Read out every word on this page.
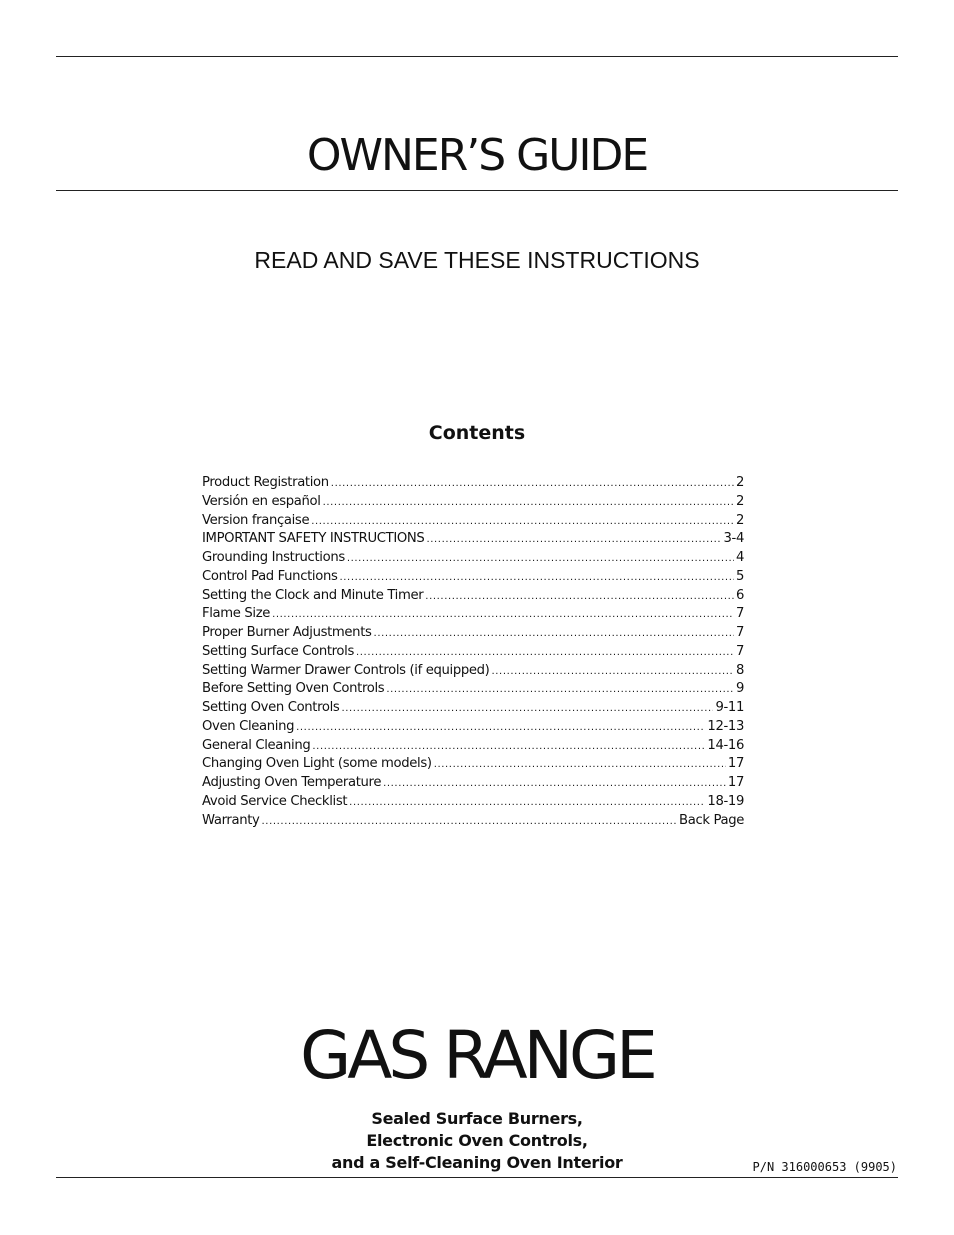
OWNER’S GUIDE
READ AND SAVE THESE INSTRUCTIONS
Contents
Product Registration .....	2
Versión en español .....	2
Version française .....	2
IMPORTANT SAFETY INSTRUCTIONS .....	3-4
Grounding Instructions .....	4
Control Pad Functions .....	5
Setting the Clock and Minute Timer .....	6
Flame Size .....	7
Proper Burner Adjustments .....	7
Setting Surface Controls .....	7
Setting Warmer Drawer Controls (if equipped) .....	8
Before Setting Oven Controls .....	9
Setting Oven Controls .....	9-11
Oven Cleaning .....	12-13
General Cleaning .....	14-16
Changing Oven Light (some models) .....	17
Adjusting Oven Temperature .....	17
Avoid Service Checklist .....	18-19
Warranty .....	Back Page
GAS RANGE
Sealed Surface Burners,
Electronic Oven Controls,
and a Self-Cleaning Oven Interior	P/N 316000653 (9905)
